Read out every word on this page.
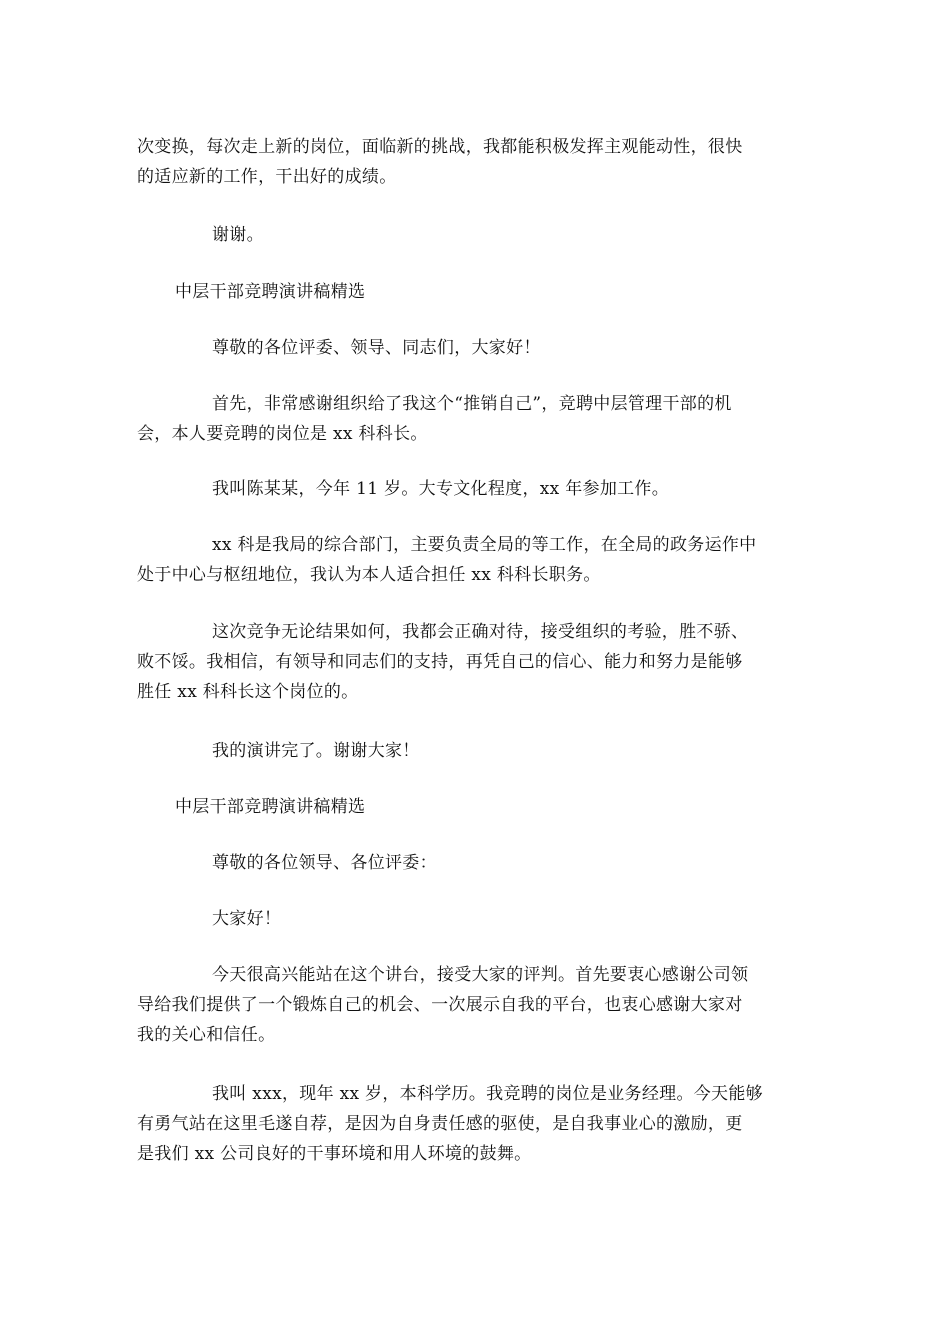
次变换，每次走上新的岗位，面临新的挑战，我都能积极发挥主观能动性，很快
的适应新的工作，干出好的成绩。

谢谢。

中层干部竞聘演讲稿精选

尊敬的各位评委、领导、同志们，大家好！

首先，非常感谢组织给了我这个“推销自己”，竞聘中层管理干部的机
会，本人要竞聘的岗位是 xx 科科长。

我叫陈某某，今年 11 岁。大专文化程度，xx 年参加工作。

xx 科是我局的综合部门，主要负责全局的等工作，在全局的政务运作中
处于中心与枢纽地位，我认为本人适合担任 xx 科科长职务。

这次竞争无论结果如何，我都会正确对待，接受组织的考验，胜不骄、
败不馁。我相信，有领导和同志们的支持，再凭自己的信心、能力和努力是能够
胜任 xx 科科长这个岗位的。

我的演讲完了。谢谢大家！

中层干部竞聘演讲稿精选

尊敬的各位领导、各位评委：

大家好！

今天很高兴能站在这个讲台，接受大家的评判。首先要衷心感谢公司领
导给我们提供了一个锻炼自己的机会、一次展示自我的平台，也衷心感谢大家对
我的关心和信任。

我叫 xxx，现年 xx 岁，本科学历。我竞聘的岗位是业务经理。今天能够
有勇气站在这里毛遂自荐，是因为自身责任感的驱使，是自我事业心的激励，更
是我们 xx 公司良好的干事环境和用人环境的鼓舞。
